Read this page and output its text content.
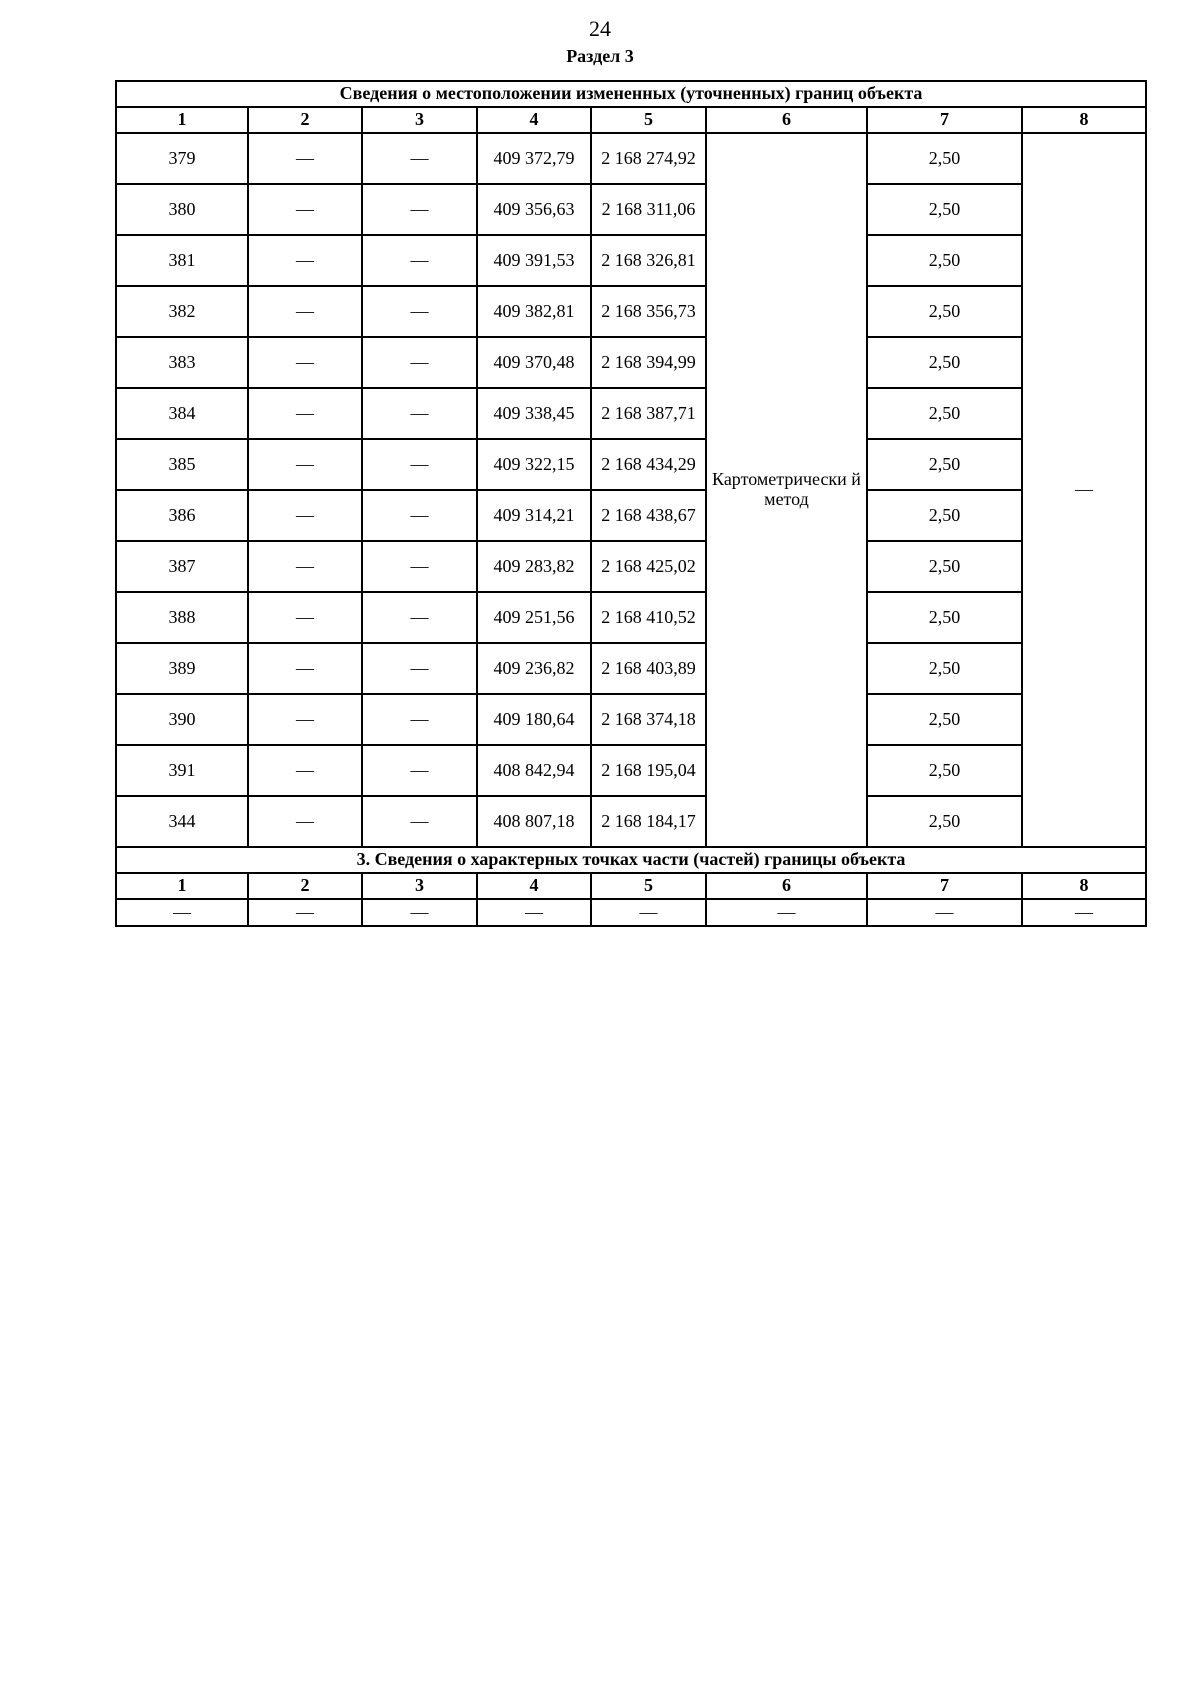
24
Раздел 3
Сведения о местоположении измененных (уточненных) границ объекта							
1	2	3	4	5	6	7	8
379	—	—	409 372,79	2 168 274,92	Картометрически й метод	2,50	—
380	—	—	409 356,63	2 168 311,06		2,50	
381	—	—	409 391,53	2 168 326,81		2,50	
382	—	—	409 382,81	2 168 356,73		2,50	
383	—	—	409 370,48	2 168 394,99		2,50	
384	—	—	409 338,45	2 168 387,71		2,50	
385	—	—	409 322,15	2 168 434,29		2,50	
386	—	—	409 314,21	2 168 438,67		2,50	
387	—	—	409 283,82	2 168 425,02		2,50	
388	—	—	409 251,56	2 168 410,52		2,50	
389	—	—	409 236,82	2 168 403,89		2,50	
390	—	—	409 180,64	2 168 374,18		2,50	
391	—	—	408 842,94	2 168 195,04		2,50	
344	—	—	408 807,18	2 168 184,17		2,50	
3. Сведения о характерных точках части (частей) границы объекта							
1	2	3	4	5	6	7	8
—	—	—	—	—	—	—	—
